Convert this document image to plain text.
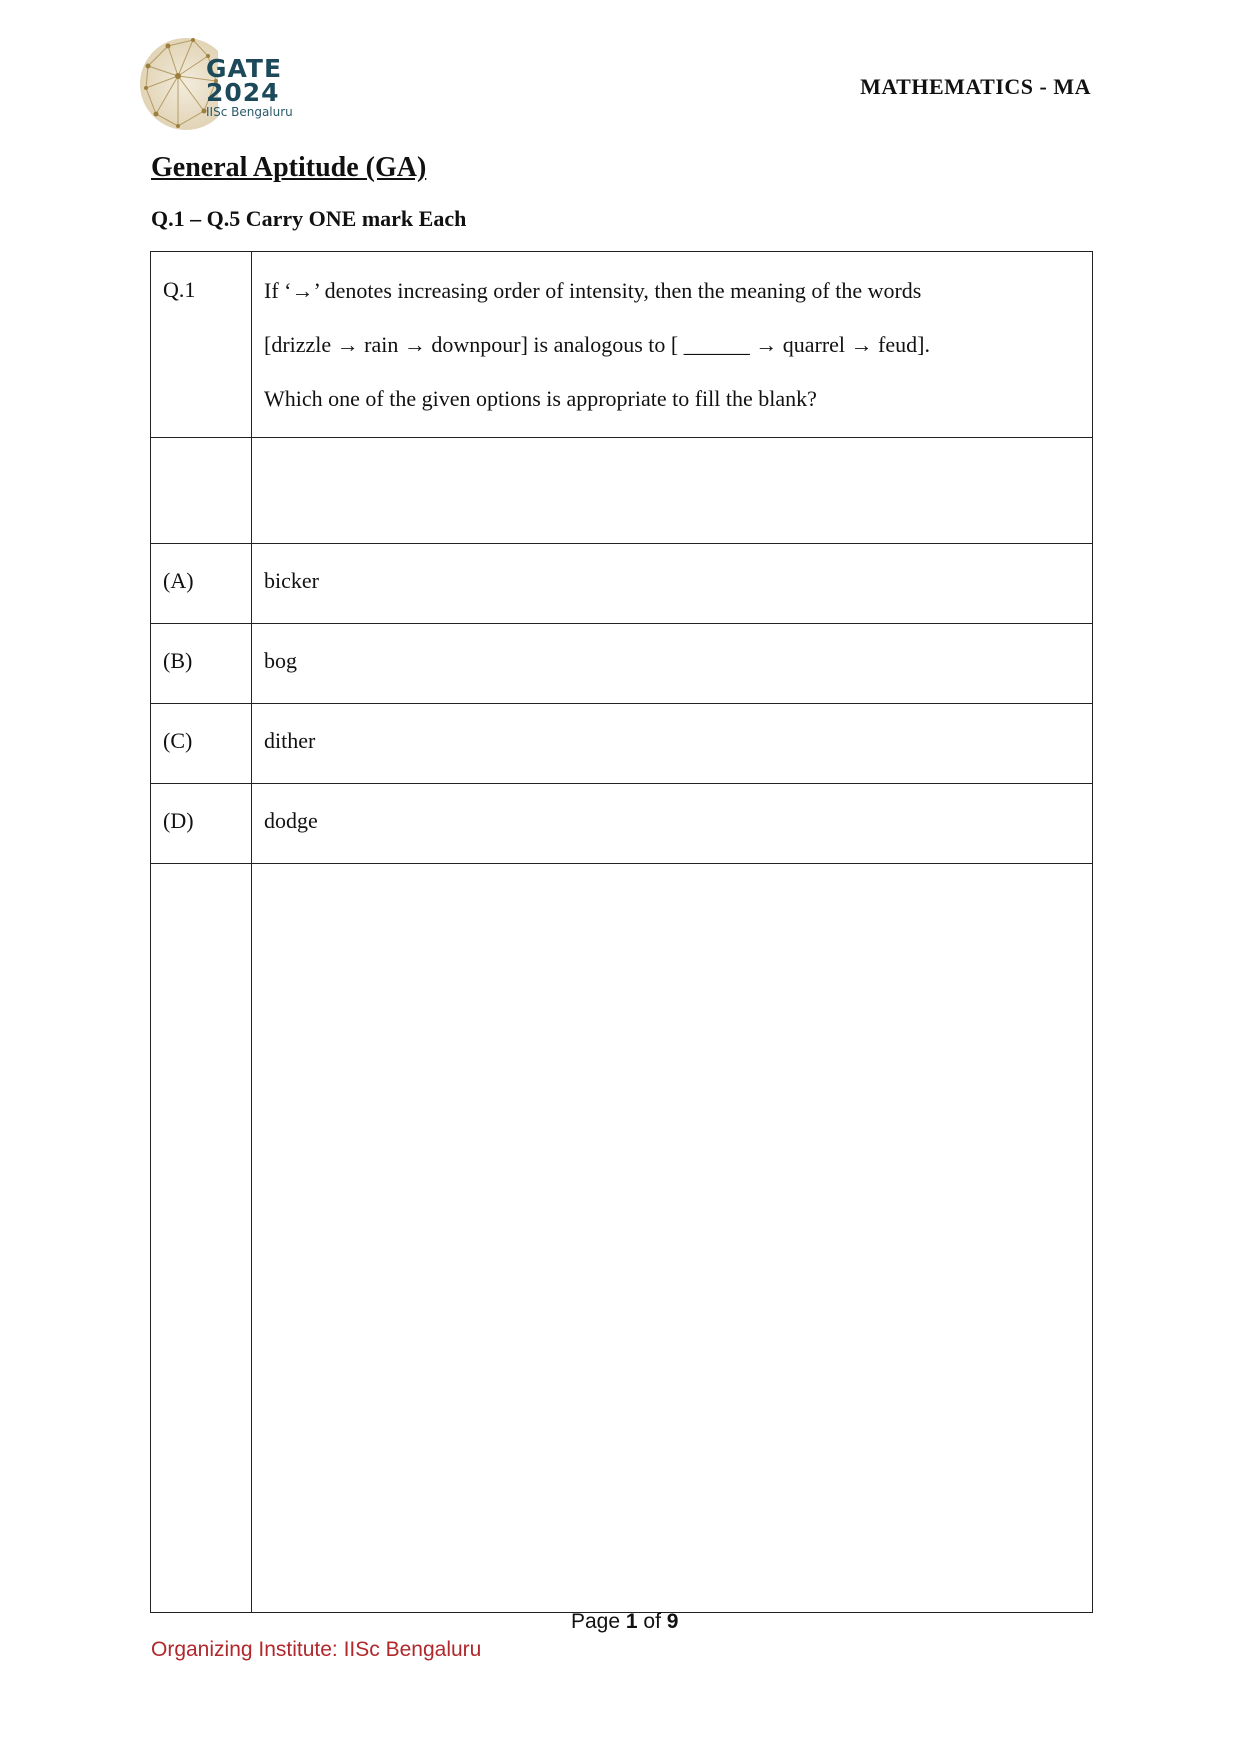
GATE
2024
IISc Bengaluru
MATHEMATICS - MA
General Aptitude (GA)
Q.1 – Q.5 Carry ONE mark Each
Q.1	If ‘→’ denotes increasing order of intensity, then the meaning of the words
[drizzle → rain → downpour] is analogous to [ ______ → quarrel → feud].
Which one of the given options is appropriate to fill the blank?

(A)	bicker
(B)	bog
(C)	dither
(D)	dodge

Page 1 of 9
Organizing Institute: IISc Bengaluru
